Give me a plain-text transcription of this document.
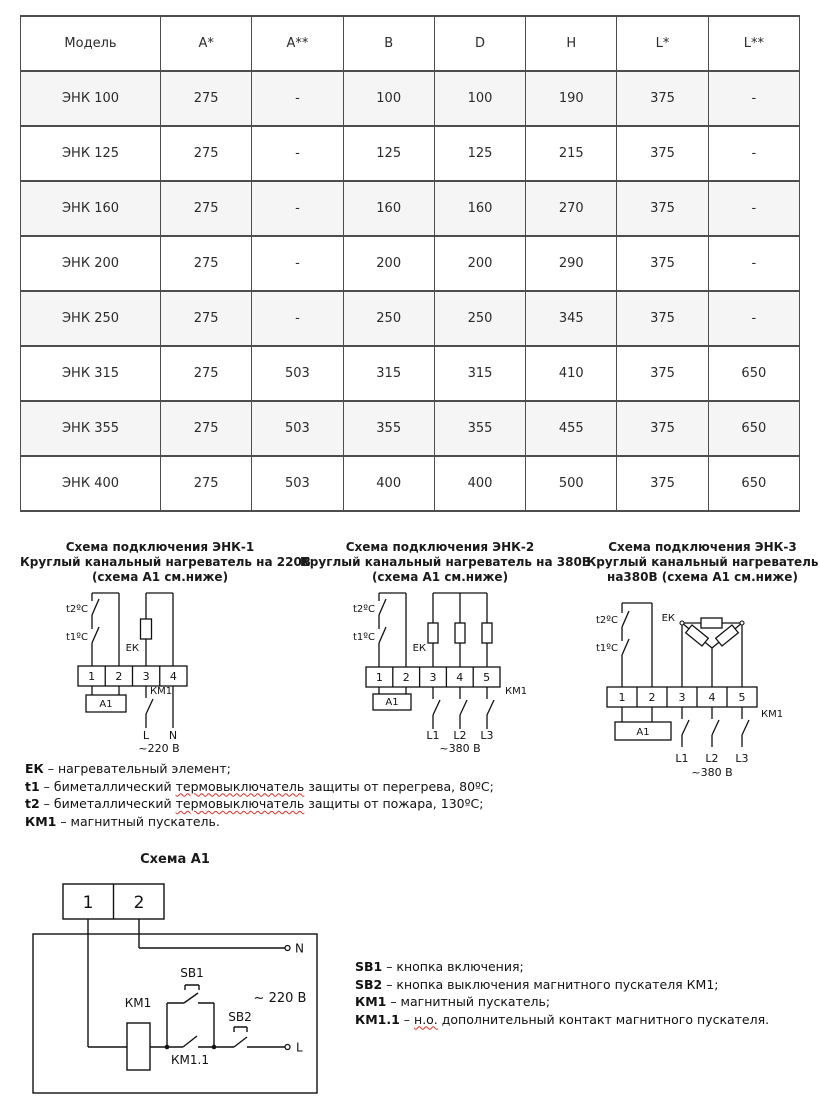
Модель	A*	A**	B	D	H	L*	L**
ЭНК 100	275	-	100	100	190	375	-
ЭНК 125	275	-	125	125	215	375	-
ЭНК 160	275	-	160	160	270	375	-
ЭНК 200	275	-	200	200	290	375	-
ЭНК 250	275	-	250	250	345	375	-
ЭНК 315	275	503	315	315	410	375	650
ЭНК 355	275	503	355	355	455	375	650
ЭНК 400	275	503	400	400	500	375	650
Схема подключения ЭНК-1
Круглый канальный нагреватель на 220В
(схема А1 см.ниже)
t2ºC
t1ºC
ЕК
1 2 3 4
А1
КМ1
L N
~220 В
Схема подключения ЭНК-2
Круглый канальный нагреватель на 380В
(схема А1 см.ниже)
t2ºC
t1ºC
ЕК
1 2 3 4 5
А1
КМ1
L1 L2 L3
~380 В
Схема подключения ЭНК-3
Круглый канальный нагреватель
на380В (схема А1 см.ниже)
t2ºC
t1ºC
ЕК
1 2 3 4 5
А1
КМ1
L1 L2 L3
~380 В
ЕК – нагревательный элемент;
t1 – биметаллический термовыключатель защиты от перегрева, 80ºС;
t2 – биметаллический термовыключатель защиты от пожара, 130ºС;
КМ1 – магнитный пускатель.
Схема А1
1 2
N
L
SB1
SB2
КМ1
КМ1.1
~ 220 В
SB1 – кнопка включения;
SB2 – кнопка выключения магнитного пускателя КМ1;
КМ1 – магнитный пускатель;
КМ1.1 – н.о. дополнительный контакт магнитного пускателя.
